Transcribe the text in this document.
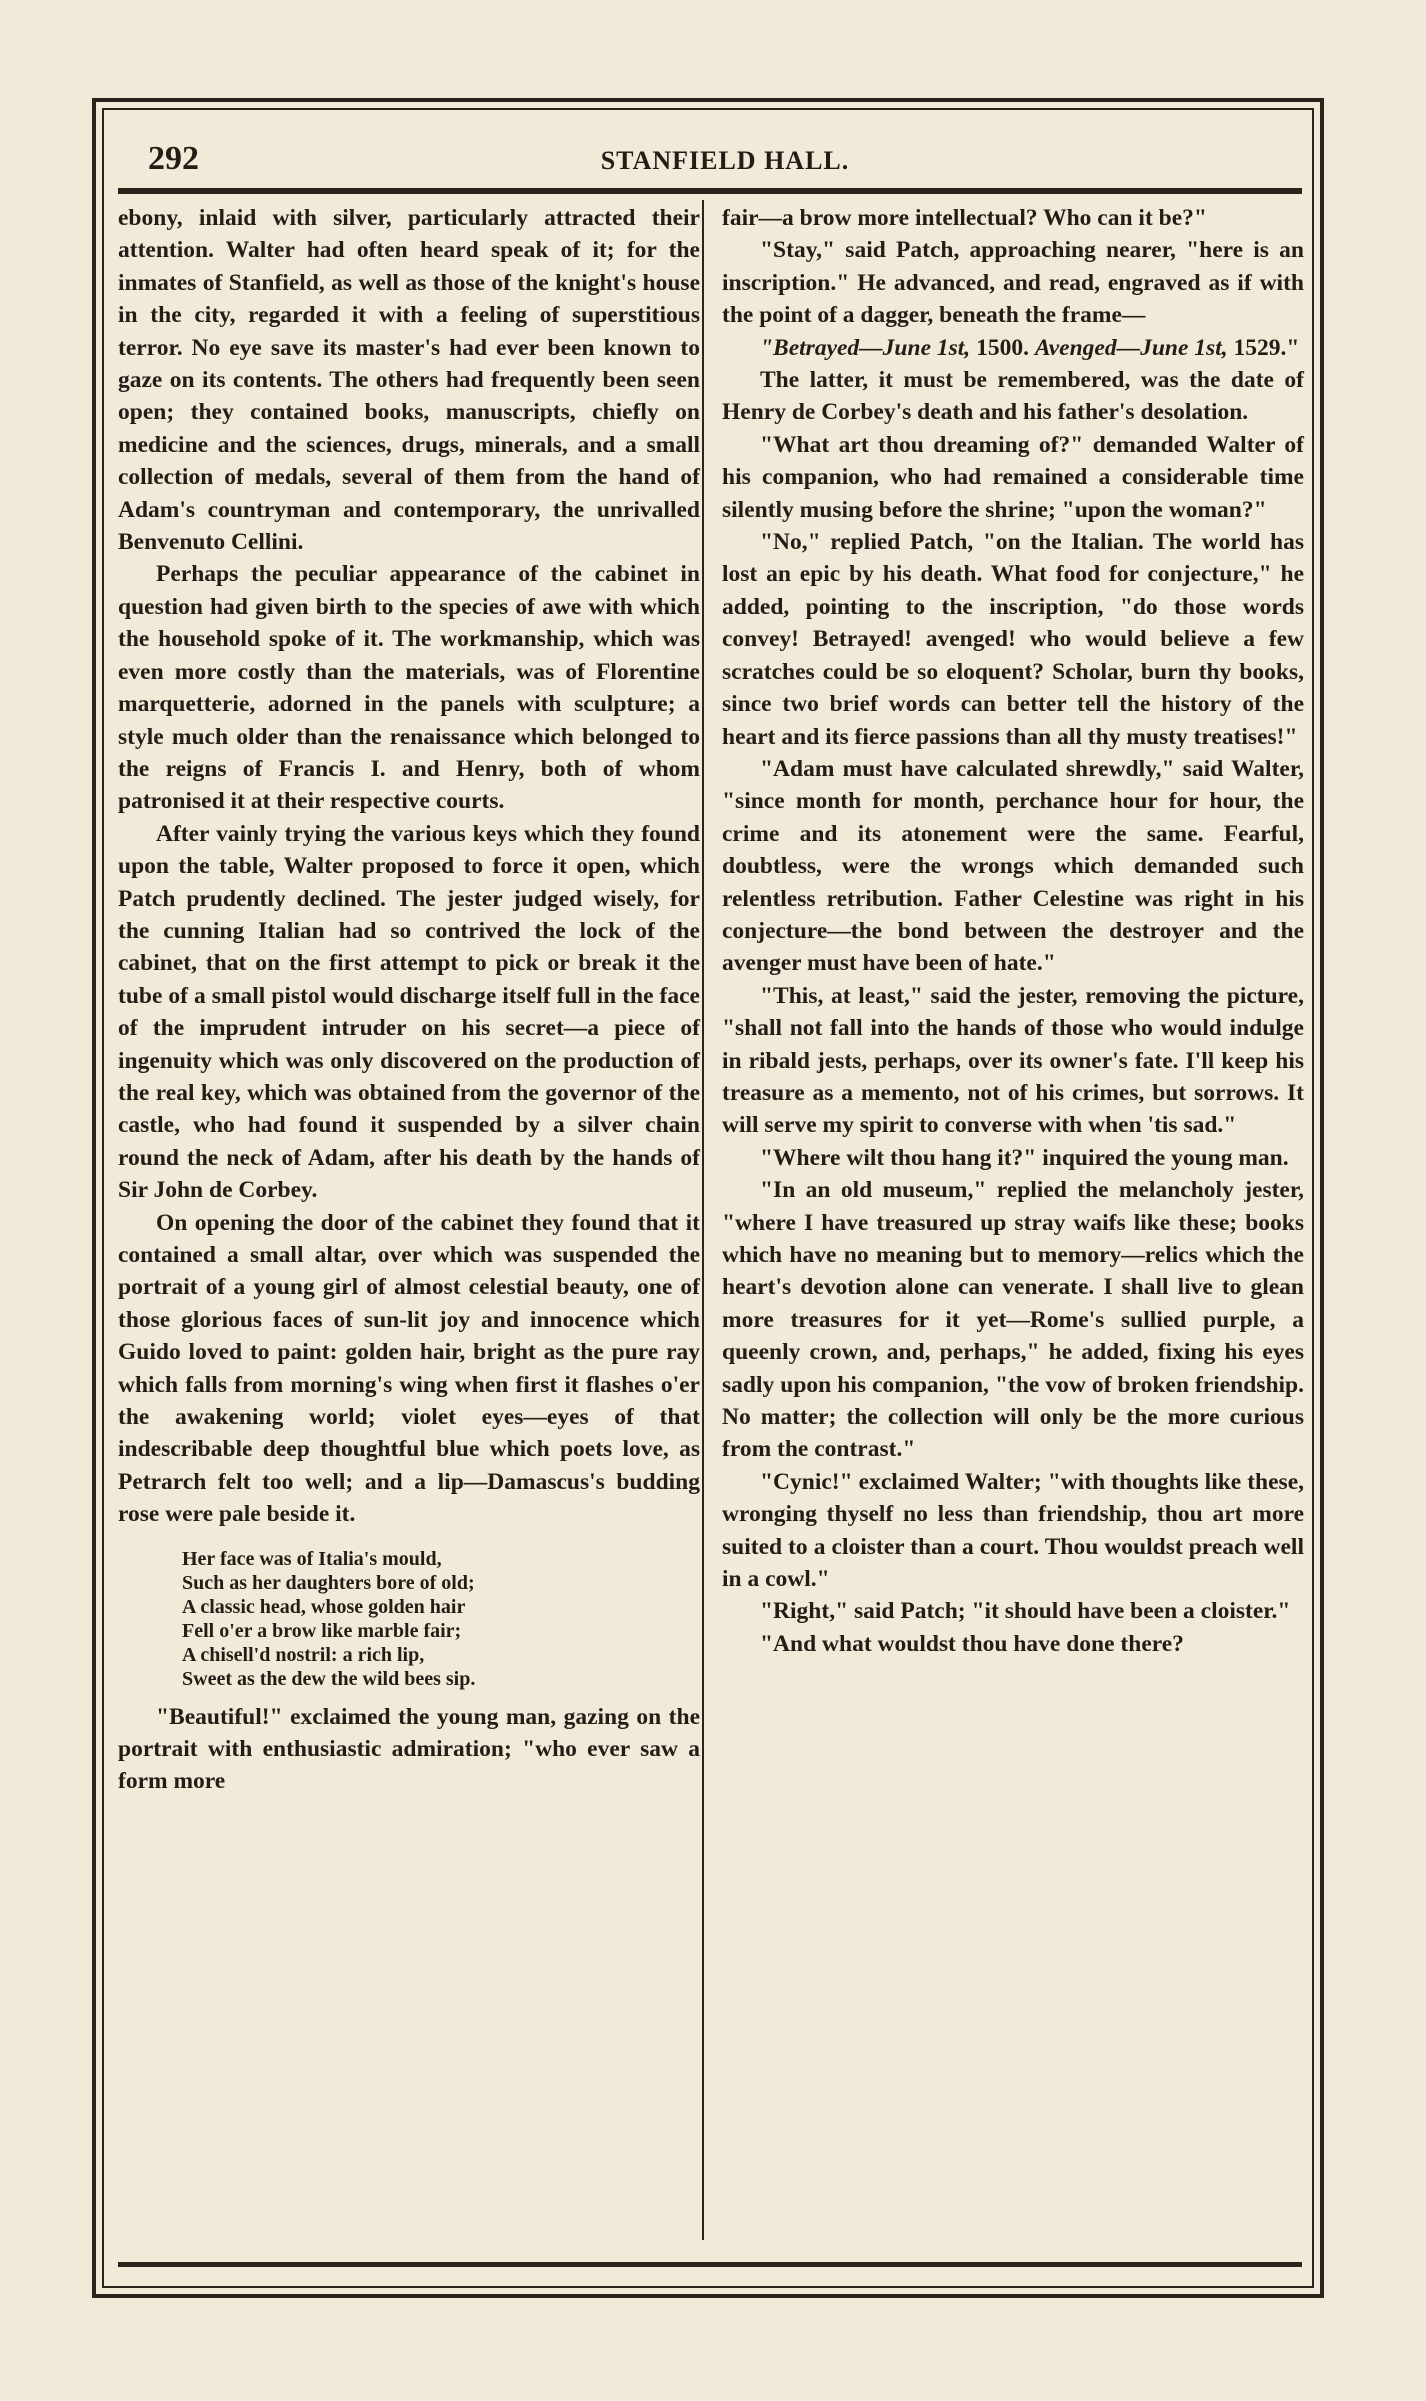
292	STANFIELD HALL.

ebony, inlaid with silver, particularly attracted their attention. Walter had often heard speak of it; for the inmates of Stanfield, as well as those of the knight's house in the city, regarded it with a feeling of superstitious terror. No eye save its master's had ever been known to gaze on its contents. The others had frequently been seen open; they contained books, manuscripts, chiefly on medicine and the sciences, drugs, minerals, and a small collection of medals, several of them from the hand of Adam's countryman and contemporary, the unrivalled Benvenuto Cellini.

Perhaps the peculiar appearance of the cabinet in question had given birth to the species of awe with which the household spoke of it. The workmanship, which was even more costly than the materials, was of Florentine marquetterie, adorned in the panels with sculpture; a style much older than the renaissance which belonged to the reigns of Francis I. and Henry, both of whom patronised it at their respective courts.

After vainly trying the various keys which they found upon the table, Walter proposed to force it open, which Patch prudently declined. The jester judged wisely, for the cunning Italian had so contrived the lock of the cabinet, that on the first attempt to pick or break it the tube of a small pistol would discharge itself full in the face of the imprudent intruder on his secret—a piece of ingenuity which was only discovered on the production of the real key, which was obtained from the governor of the castle, who had found it suspended by a silver chain round the neck of Adam, after his death by the hands of Sir John de Corbey.

On opening the door of the cabinet they found that it contained a small altar, over which was suspended the portrait of a young girl of almost celestial beauty, one of those glorious faces of sun-lit joy and innocence which Guido loved to paint: golden hair, bright as the pure ray which falls from morning's wing when first it flashes o'er the awakening world; violet eyes—eyes of that indescribable deep thoughtful blue which poets love, as Petrarch felt too well; and a lip—Damascus's budding rose were pale beside it.

Her face was of Italia's mould,
Such as her daughters bore of old;
A classic head, whose golden hair
Fell o'er a brow like marble fair;
A chisell'd nostril: a rich lip,
Sweet as the dew the wild bees sip.

"Beautiful!" exclaimed the young man, gazing on the portrait with enthusiastic admiration; "who ever saw a form more

fair—a brow more intellectual? Who can it be?"

"Stay," said Patch, approaching nearer, "here is an inscription." He advanced, and read, engraved as if with the point of a dagger, beneath the frame—

"Betrayed—June 1st, 1500. Avenged—June 1st, 1529."

The latter, it must be remembered, was the date of Henry de Corbey's death and his father's desolation.

"What art thou dreaming of?" demanded Walter of his companion, who had remained a considerable time silently musing before the shrine; "upon the woman?"

"No," replied Patch, "on the Italian. The world has lost an epic by his death. What food for conjecture," he added, pointing to the inscription, "do those words convey! Betrayed! avenged! who would believe a few scratches could be so eloquent? Scholar, burn thy books, since two brief words can better tell the history of the heart and its fierce passions than all thy musty treatises!"

"Adam must have calculated shrewdly," said Walter, "since month for month, perchance hour for hour, the crime and its atonement were the same. Fearful, doubtless, were the wrongs which demanded such relentless retribution. Father Celestine was right in his conjecture—the bond between the destroyer and the avenger must have been of hate."

"This, at least," said the jester, removing the picture, "shall not fall into the hands of those who would indulge in ribald jests, perhaps, over its owner's fate. I'll keep his treasure as a memento, not of his crimes, but sorrows. It will serve my spirit to converse with when 'tis sad."

"Where wilt thou hang it?" inquired the young man.

"In an old museum," replied the melancholy jester, "where I have treasured up stray waifs like these; books which have no meaning but to memory—relics which the heart's devotion alone can venerate. I shall live to glean more treasures for it yet—Rome's sullied purple, a queenly crown, and, perhaps," he added, fixing his eyes sadly upon his companion, "the vow of broken friendship. No matter; the collection will only be the more curious from the contrast."

"Cynic!" exclaimed Walter; "with thoughts like these, wronging thyself no less than friendship, thou art more suited to a cloister than a court. Thou wouldst preach well in a cowl."

"Right," said Patch; "it should have been a cloister."

"And what wouldst thou have done there?
